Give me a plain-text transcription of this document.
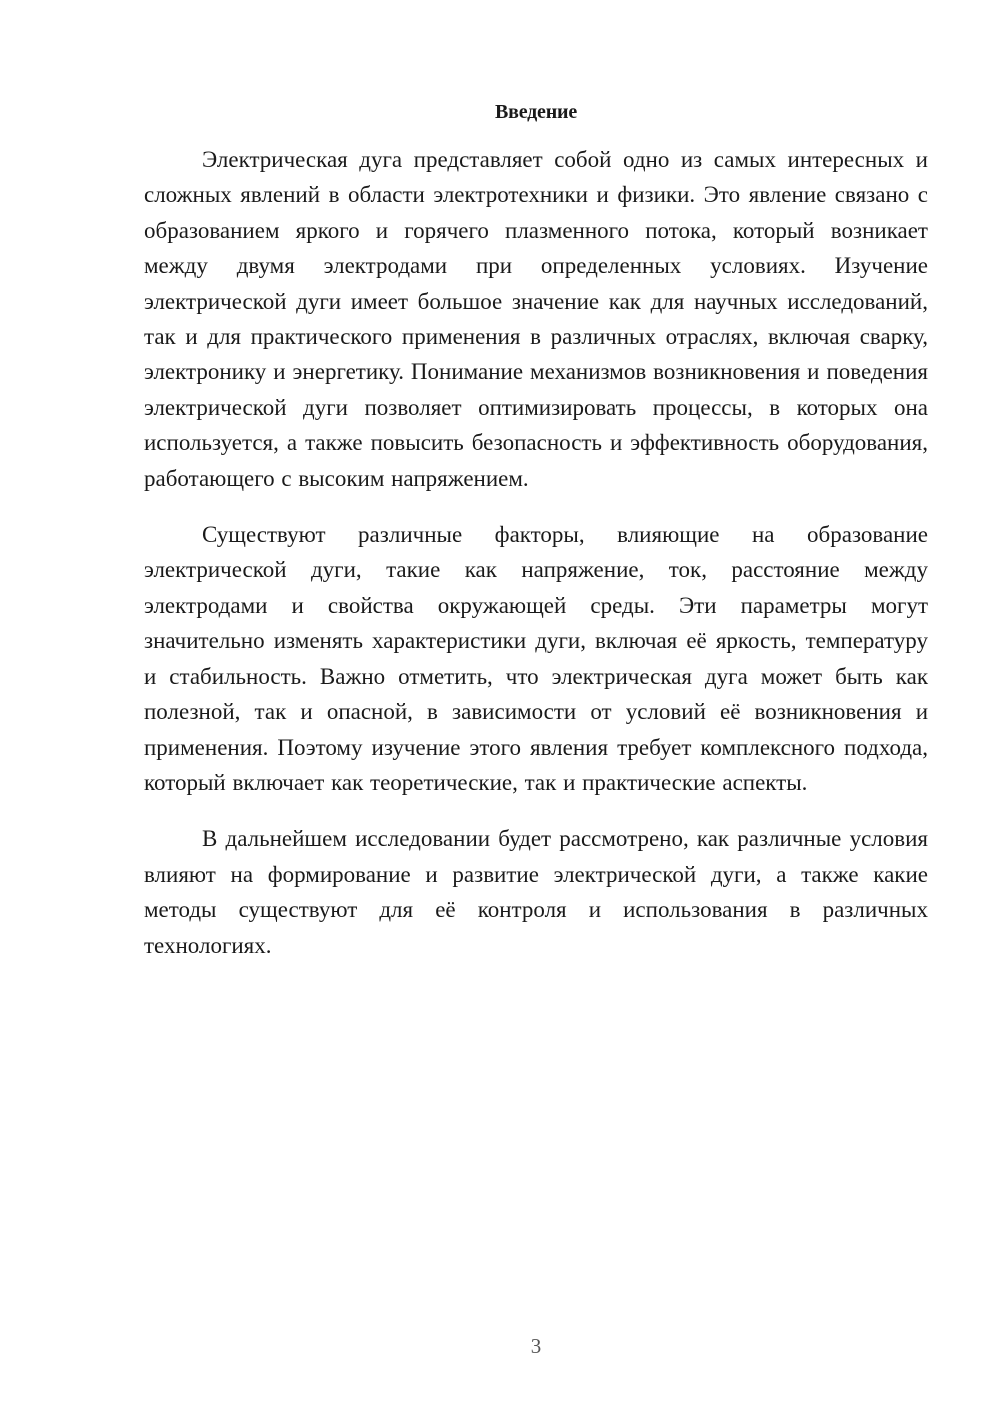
Введение

Электрическая дуга представляет собой одно из самых интересных и сложных явлений в области электротехники и физики. Это явление связано с образованием яркого и горячего плазменного потока, который возникает между двумя электродами при определенных условиях. Изучение электрической дуги имеет большое значение как для научных исследований, так и для практического применения в различных отраслях, включая сварку, электронику и энергетику. Понимание механизмов возникновения и поведения электрической дуги позволяет оптимизировать процессы, в которых она используется, а также повысить безопасность и эффективность оборудования, работающего с высоким напряжением.

Существуют различные факторы, влияющие на образование электрической дуги, такие как напряжение, ток, расстояние между электродами и свойства окружающей среды. Эти параметры могут значительно изменять характеристики дуги, включая её яркость, температуру и стабильность. Важно отметить, что электрическая дуга может быть как полезной, так и опасной, в зависимости от условий её возникновения и применения. Поэтому изучение этого явления требует комплексного подхода, который включает как теоретические, так и практические аспекты.

В дальнейшем исследовании будет рассмотрено, как различные условия влияют на формирование и развитие электрической дуги, а также какие методы существуют для её контроля и использования в различных технологиях.

3
